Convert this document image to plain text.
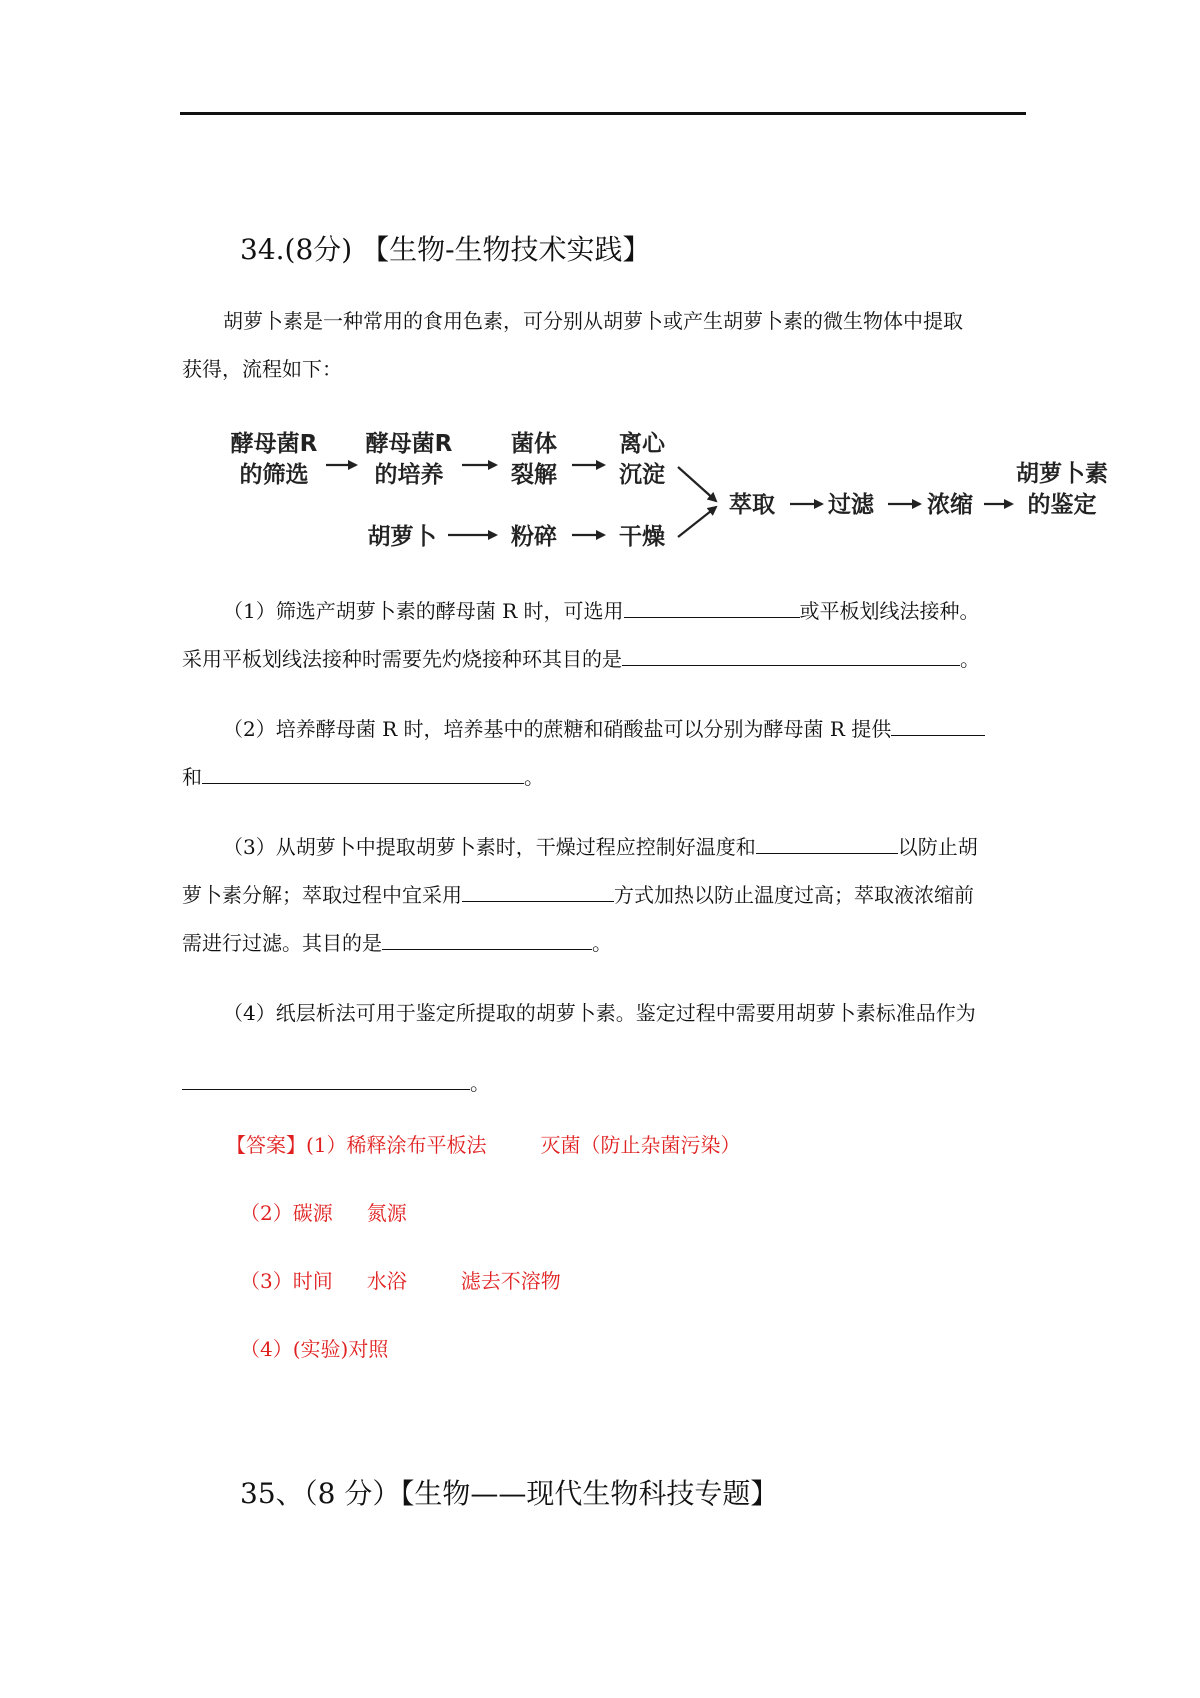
34.(8分) 【生物-生物技术实践】
胡萝卜素是一种常用的食用色素，可分别从胡萝卜或产生胡萝卜素的微生物体中提取
获得，流程如下：
酵母菌R
的筛选
酵母菌R
的培养
菌体
裂解
离心
沉淀
胡萝卜	粉碎	干燥
萃取 过滤 浓缩
胡萝卜素
的鉴定
（1）筛选产胡萝卜素的酵母菌 R 时，可选用	或平板划线法接种。
采用平板划线法接种时需要先灼烧接种环其目的是	。
（2）培养酵母菌 R 时，培养基中的蔗糖和硝酸盐可以分别为酵母菌 R 提供
和	。
（3）从胡萝卜中提取胡萝卜素时，干燥过程应控制好温度和	以防止胡
萝卜素分解；萃取过程中宜采用	方式加热以防止温度过高；萃取液浓缩前
需进行过滤。其目的是	。
（4）纸层析法可用于鉴定所提取的胡萝卜素。鉴定过程中需要用胡萝卜素标准品作为
。
【答案】(1）稀释涂布平板法	灭菌（防止杂菌污染）
（2）碳源 氮源
（3）时间 水浴	滤去不溶物
（4）(实验)对照
35、（8 分）【生物——现代生物科技专题】
